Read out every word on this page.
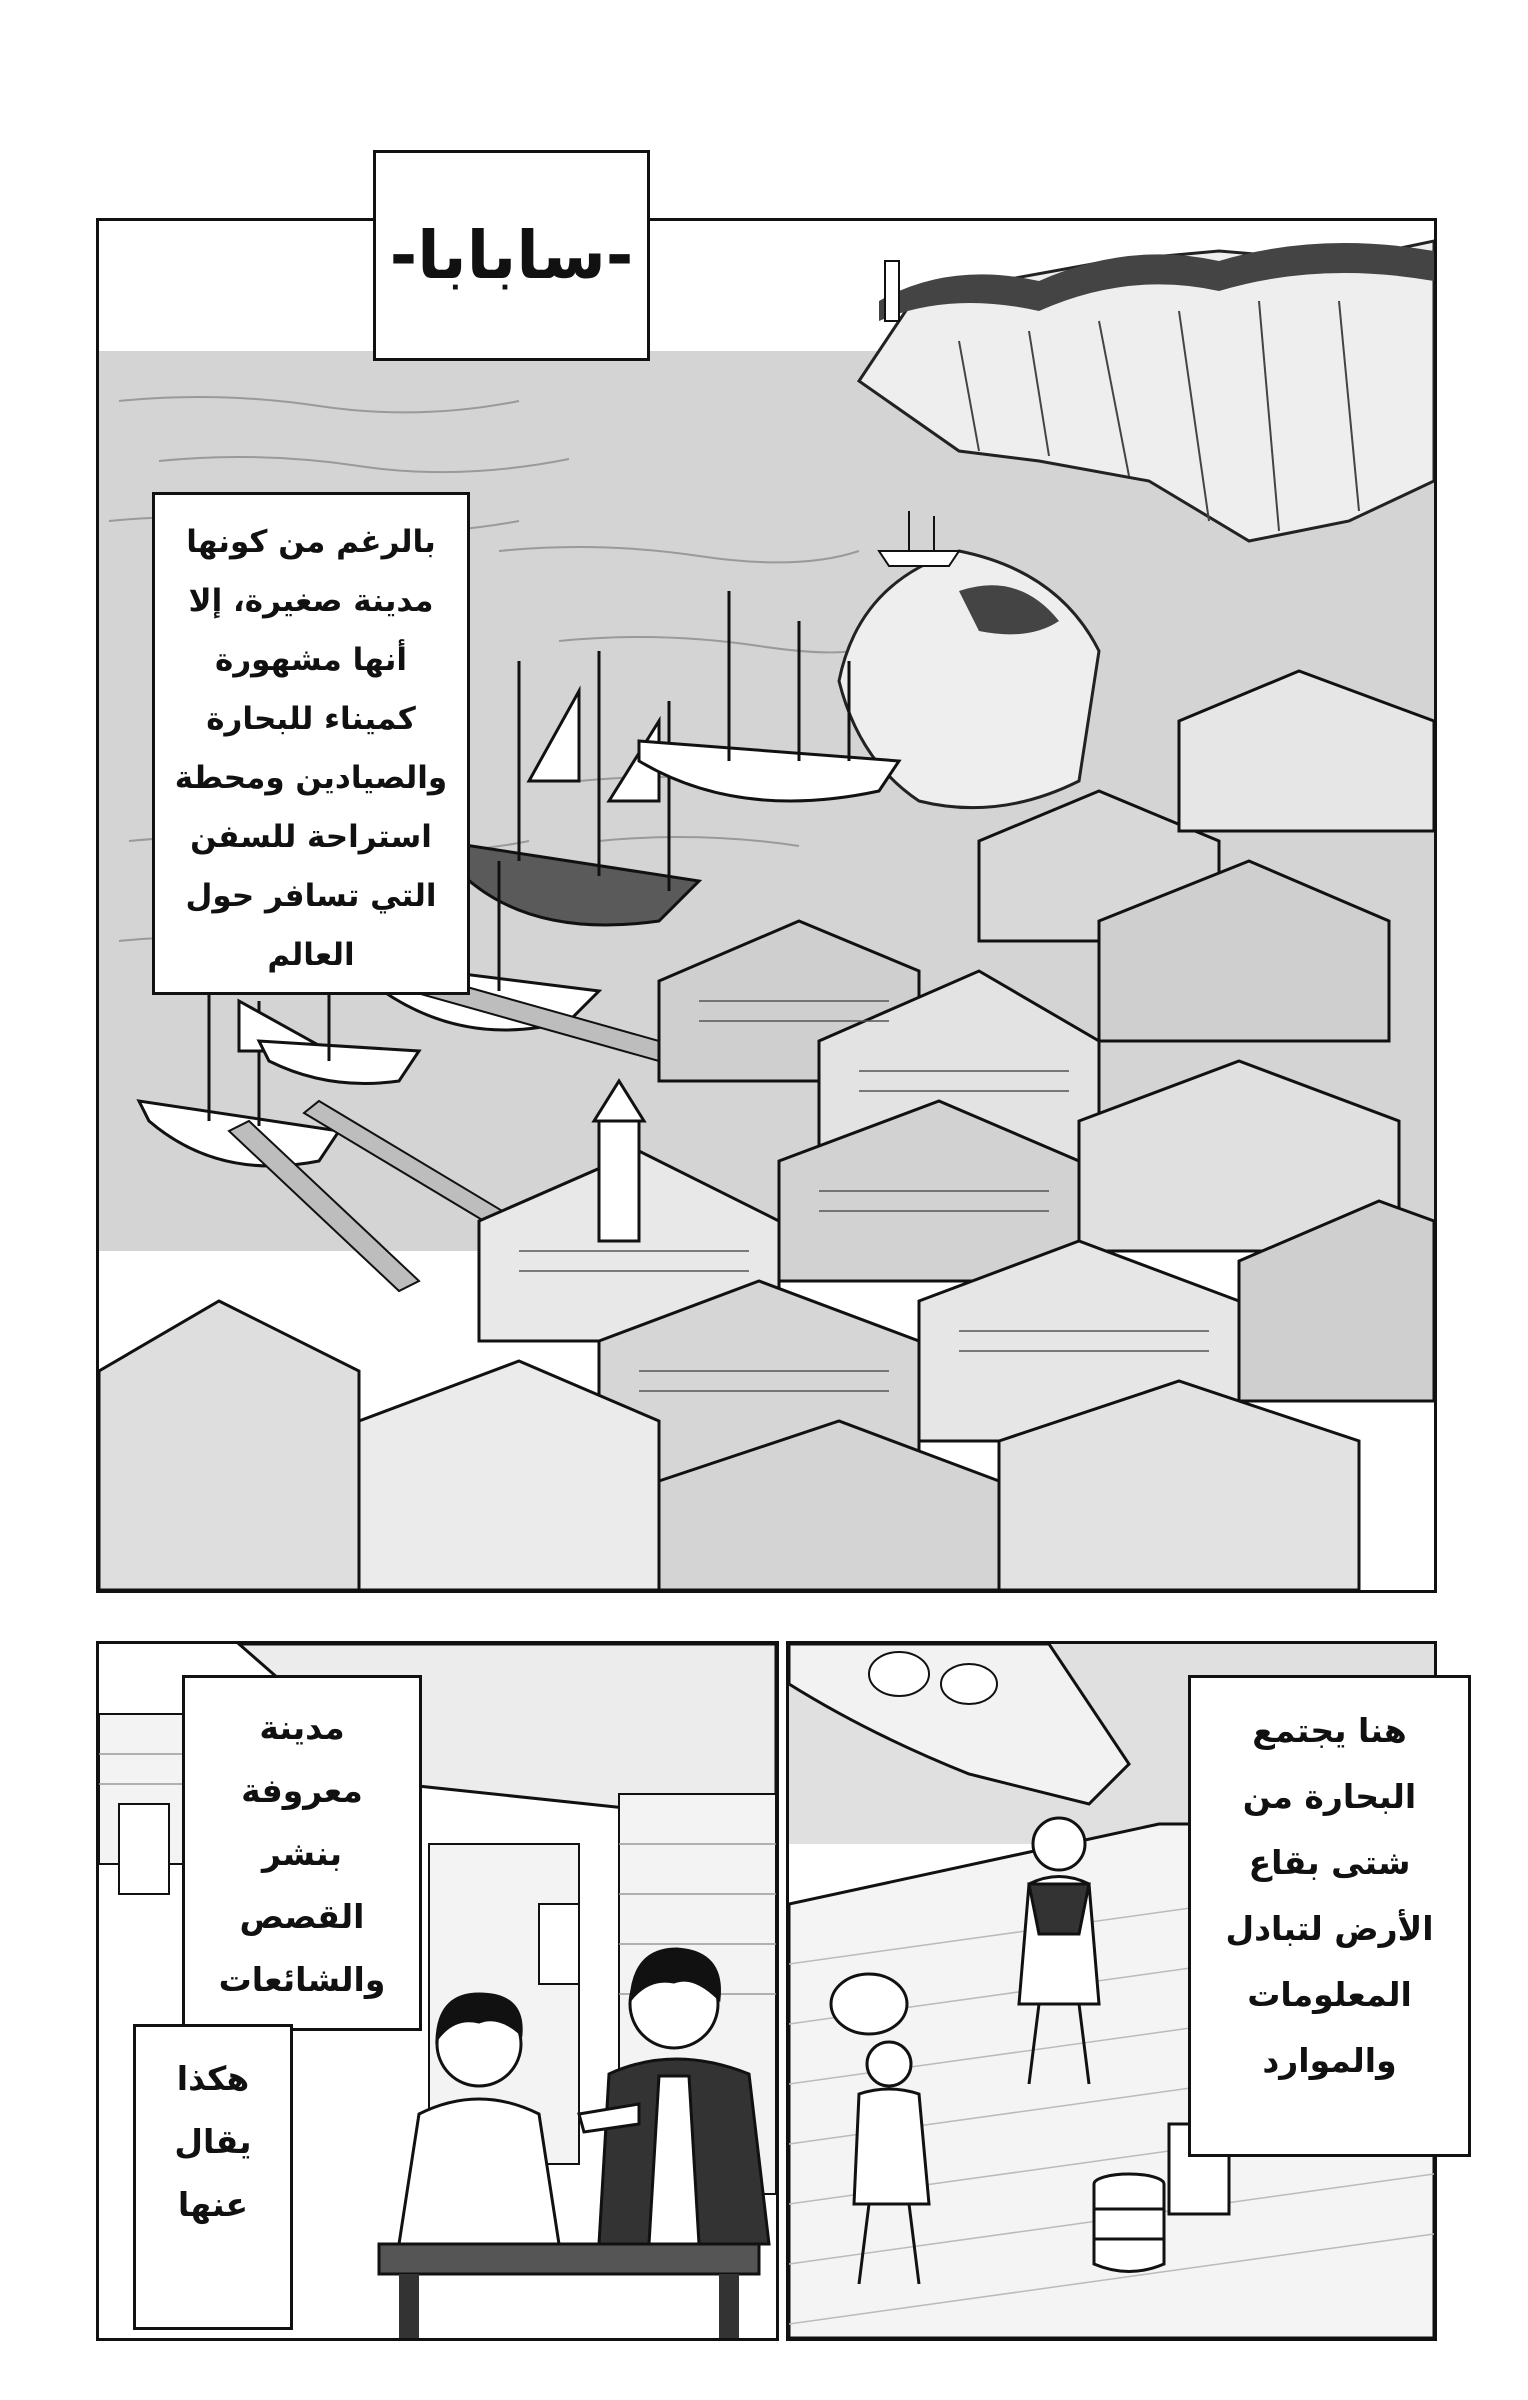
-سابابا-
بالرغم من كونها
مدينة صغيرة، إلا
أنها مشهورة
كميناء للبحارة
والصيادين ومحطة
استراحة للسفن
التي تسافر حول
العالم
مدينة
معروفة
بنشر
القصص
والشائعات
هكذا
يقال
عنها
هنا يجتمع
البحارة من
شتى بقاع
الأرض لتبادل
المعلومات
والموارد
